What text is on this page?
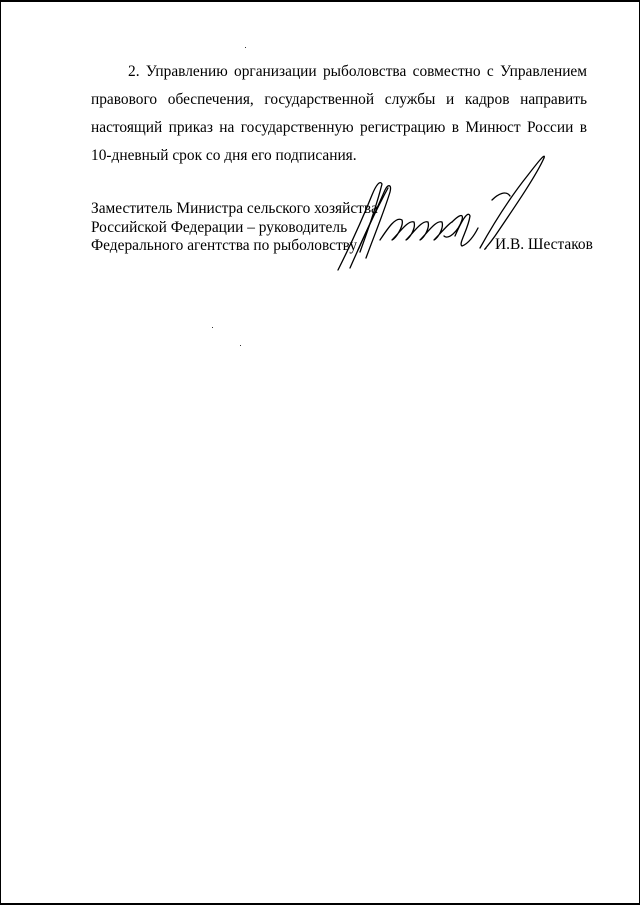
2. Управлению организации рыболовства совместно с Управлением правового обеспечения, государственной службы и кадров направить настоящий приказ на государственную регистрацию в Минюст России в 10-дневный срок со дня его подписания.

Заместитель Министра сельского хозяйства
Российской Федерации – руководитель
Федерального агентства по рыболовству	И.В. Шестаков
